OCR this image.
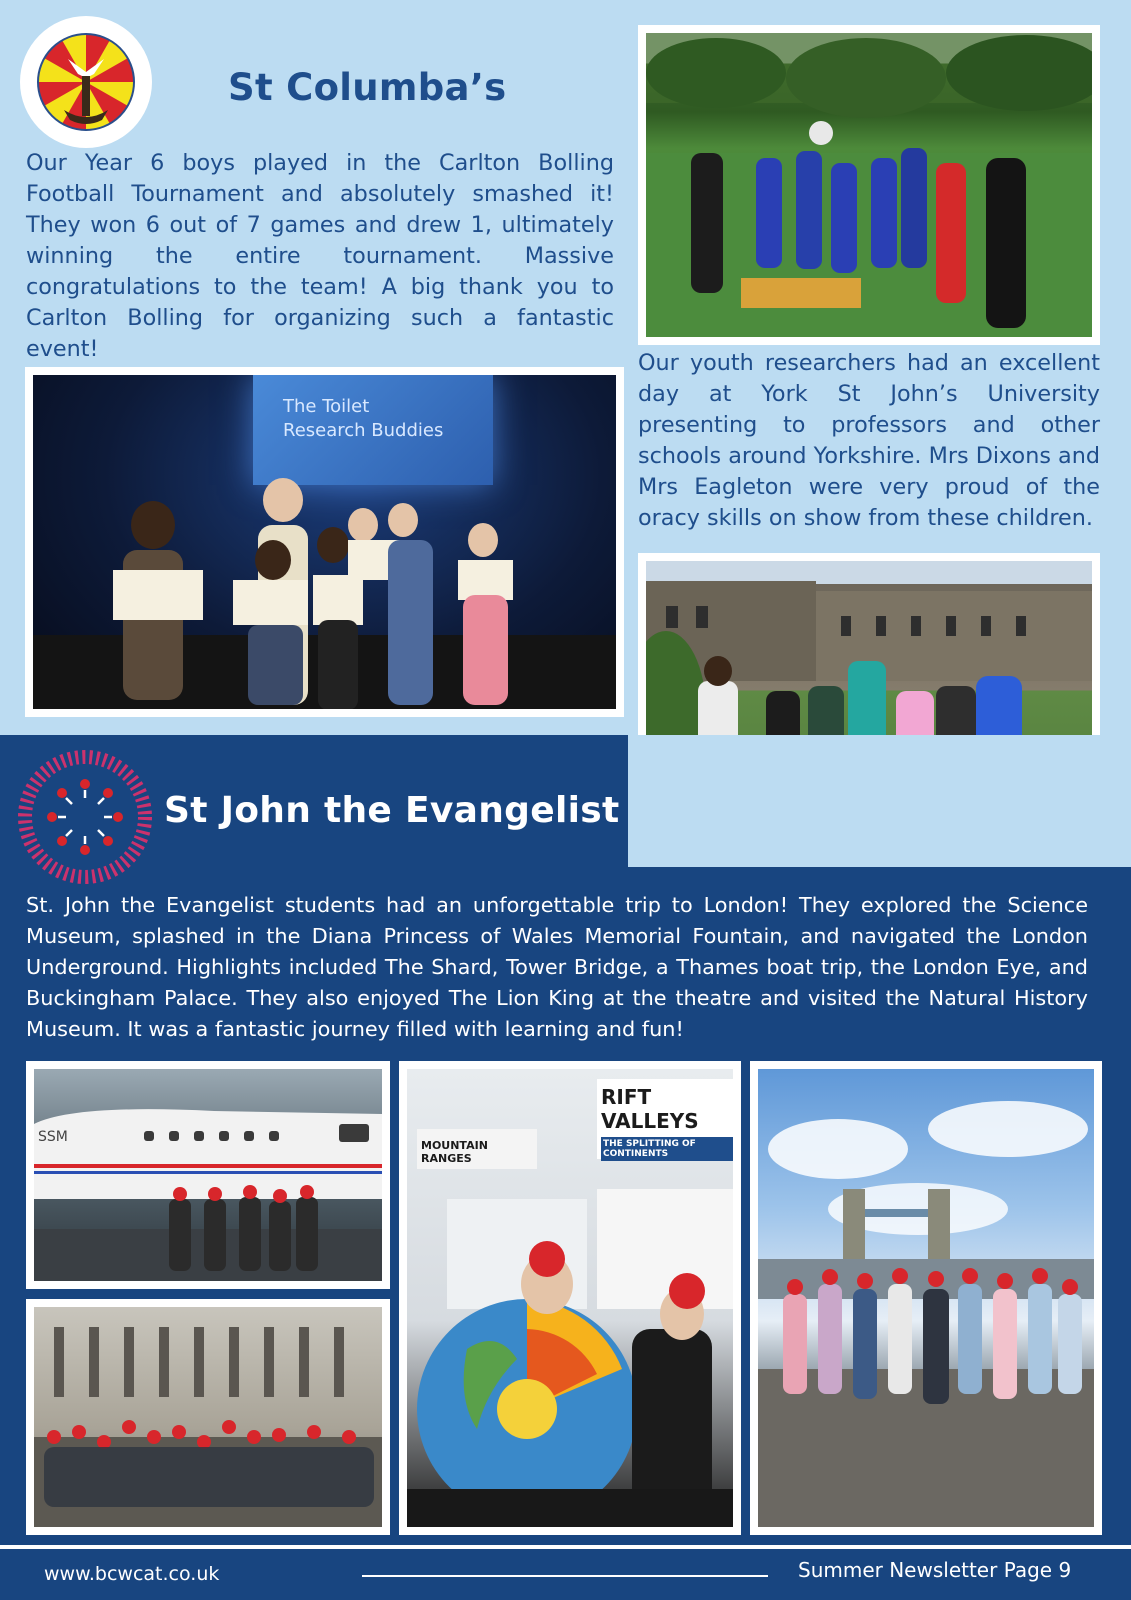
St Columba’s

Our Year 6 boys played in the Carlton Bolling Football Tournament and absolutely smashed it! They won 6 out of 7 games and drew 1, ultimately winning the entire tournament. Massive congratulations to the team! A big thank you to Carlton Bolling for organizing such a fantastic event!

Our youth researchers had an excellent day at York St John’s University presenting to professors and other schools around Yorkshire. Mrs Dixons and Mrs Eagleton were very proud of the oracy skills on show from these children.

The Toilet Research Buddies
St John the Evangelist

St. John the Evangelist students had an unforgettable trip to London! They explored the Science Museum, splashed in the Diana Princess of Wales Memorial Fountain, and navigated the London Underground. Highlights included The Shard, Tower Bridge, a Thames boat trip, the London Eye, and Buckingham Palace. They also enjoyed The Lion King at the theatre and visited the Natural History Museum. It was a fantastic journey filled with learning and fun!

SSM
RIFT VALLEYS
THE SPLITTING OF CONTINENTS
MOUNTAIN RANGES
www.bcwcat.co.uk	Summer Newsletter Page 9
